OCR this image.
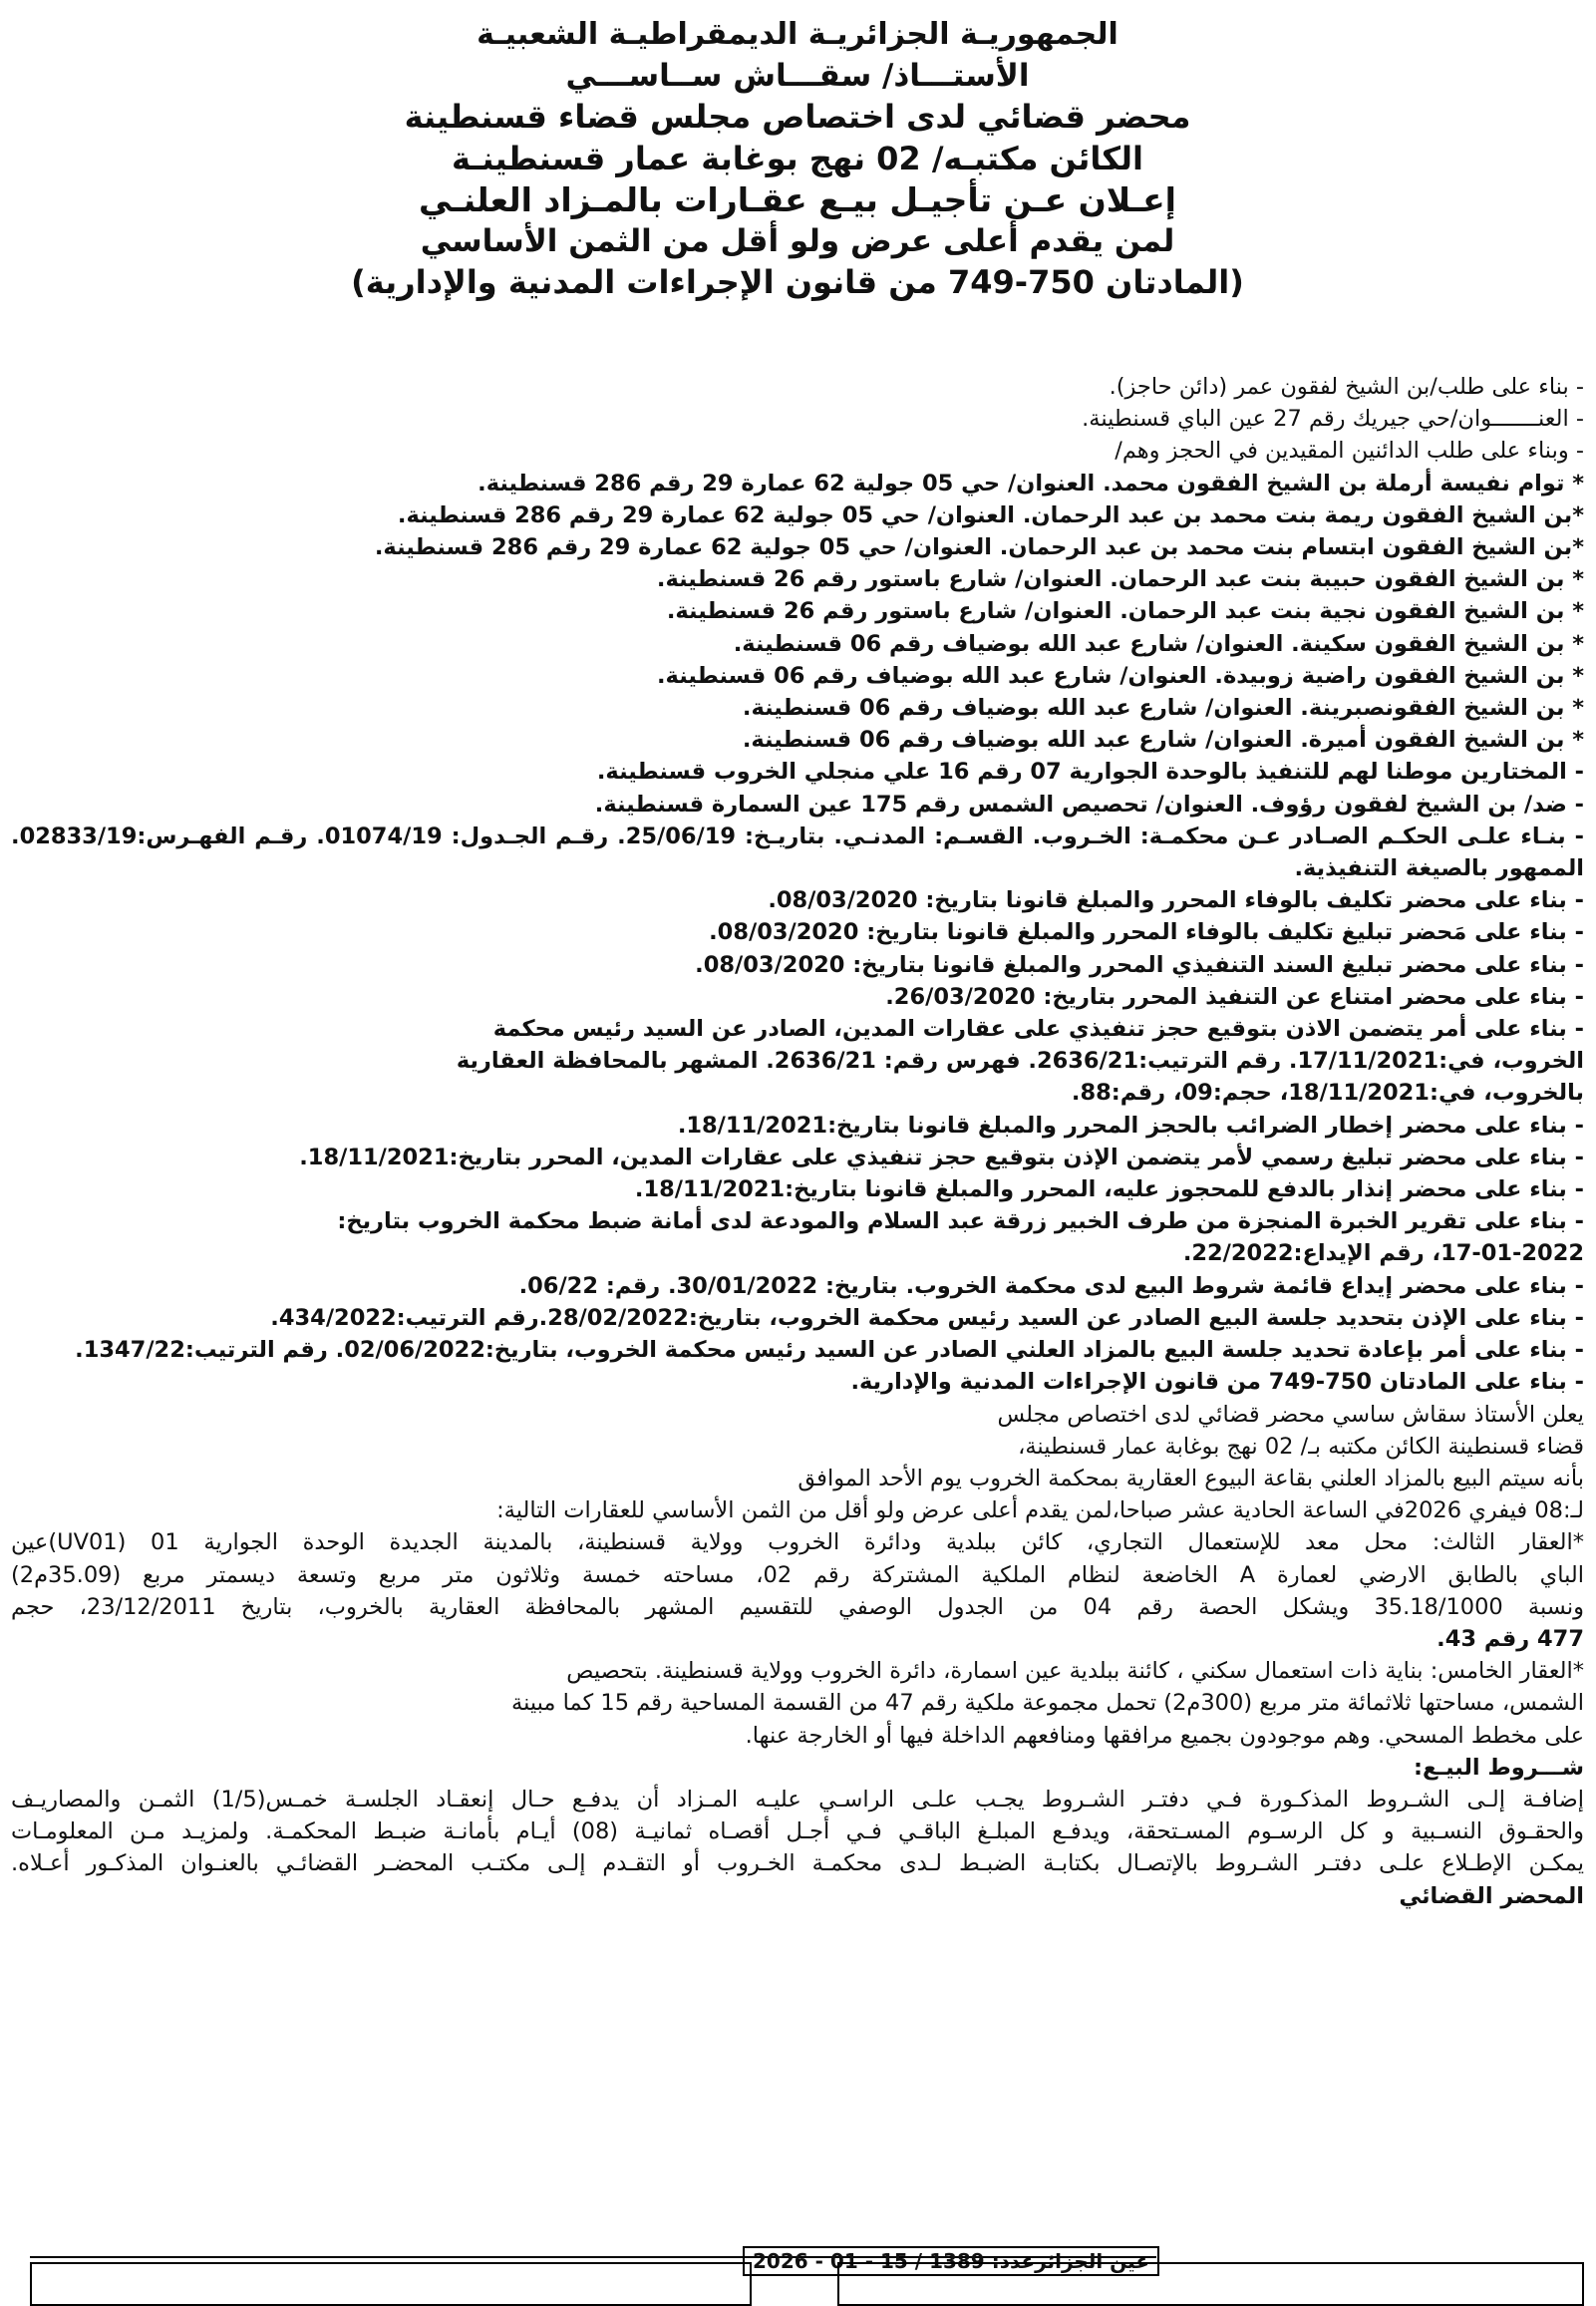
الجمهوريـة الجزائريـة الديمقراطيـة الشعبيـة
الأستـــاذ/ سقـــاش ســاســـي
محضر قضائي لدى اختصاص مجلس قضاء قسنطينة
الكائن مكتبـه/ 02 نهج بوغابة عمار قسنطينـة
إعـلان عـن تأجيـل بيـع عقـارات بالمـزاد العلنـي
لمن يقدم أعلى عرض ولو أقل من الثمن الأساسي
(المادتان 750-749 من قانون الإجراءات المدنية والإدارية)
- بناء على طلب/بن الشيخ لفقون عمر (دائن حاجز).
- العنـــــــوان/حي جيريك رقم 27 عين الباي قسنطينة.
- وبناء على طلب الدائنين المقيدين في الحجز وهم/
* توام نفيسة أرملة بن الشيخ الفقون محمد. العنوان/ حي 05 جولية 62 عمارة 29 رقم 286 قسنطينة.
*بن الشيخ الفقون ريمة بنت محمد بن عبد الرحمان. العنوان/ حي 05 جولية 62 عمارة 29 رقم 286 قسنطينة.
*بن الشيخ الفقون ابتسام بنت محمد بن عبد الرحمان. العنوان/ حي 05 جولية 62 عمارة 29 رقم 286 قسنطينة.
* بن الشيخ الفقون حبيبة بنت عبد الرحمان. العنوان/ شارع باستور رقم 26 قسنطينة.
* بن الشيخ الفقون نجية بنت عبد الرحمان. العنوان/ شارع باستور رقم 26 قسنطينة.
* بن الشيخ الفقون سكينة. العنوان/ شارع عبد الله بوضياف رقم 06 قسنطينة.
* بن الشيخ الفقون راضية زوبيدة. العنوان/ شارع عبد الله بوضياف رقم 06 قسنطينة.
* بن الشيخ الفقونصبرينة. العنوان/ شارع عبد الله بوضياف رقم 06 قسنطينة.
* بن الشيخ الفقون أميرة. العنوان/ شارع عبد الله بوضياف رقم 06 قسنطينة.
- المختارين موطنا لهم للتنفيذ بالوحدة الجوارية 07 رقم 16 علي منجلي الخروب قسنطينة.
- ضد/ بن الشيخ لفقون رؤوف. العنوان/ تحصيص الشمس رقم 175 عين السمارة قسنطينة.
- بنـاء علـى الحكـم الصـادر عـن محكمـة: الخـروب. القسـم: المدنـي. بتاريـخ: 25/06/19. رقـم الجـدول: 01074/19. رقـم الفهـرس:02833/19.
الممهور بالصيغة التنفيذية.
- بناء على محضر تكليف بالوفاء المحرر والمبلغ قانونا بتاريخ: 08/03/2020.
- بناء على مَحضر تبليغ تكليف بالوفاء المحرر والمبلغ قانونا بتاريخ: 08/03/2020.
- بناء على محضر تبليغ السند التنفيذي المحرر والمبلغ قانونا بتاريخ: 08/03/2020.
- بناء على محضر امتناع عن التنفيذ المحرر بتاريخ: 26/03/2020.
- بناء على أمر يتضمن الاذن بتوقيع حجز تنفيذي على عقارات المدين، الصادر عن السيد رئيس محكمة
الخروب، في:17/11/2021. رقم الترتيب:2636/21. فهرس رقم: 2636/21. المشهر بالمحافظة العقارية
بالخروب، في:18/11/2021، حجم:09، رقم:88.
- بناء على محضر إخطار الضرائب بالحجز المحرر والمبلغ قانونا بتاريخ:18/11/2021.
- بناء على محضر تبليغ رسمي لأمر يتضمن الإذن بتوقيع حجز تنفيذي على عقارات المدين، المحرر بتاريخ:18/11/2021.
- بناء على محضر إنذار بالدفع للمحجوز عليه، المحرر والمبلغ قانونا بتاريخ:18/11/2021.
- بناء على تقرير الخبرة المنجزة من طرف الخبير زرقة عبد السلام والمودعة لدى أمانة ضبط محكمة الخروب بتاريخ:
17-01-2022، رقم الإيداع:22/2022.
- بناء على محضر إيداع قائمة شروط البيع لدى محكمة الخروب. بتاريخ: 30/01/2022. رقم: 06/22.
- بناء على الإذن بتحديد جلسة البيع الصادر عن السيد رئيس محكمة الخروب، بتاريخ:28/02/2022.رقم الترتيب:434/2022.
- بناء على أمر بإعادة تحديد جلسة البيع بالمزاد العلني الصادر عن السيد رئيس محكمة الخروب، بتاريخ:02/06/2022. رقم الترتيب:1347/22.
- بناء على المادتان 750-749 من قانون الإجراءات المدنية والإدارية.
يعلن الأستاذ سقاش ساسي محضر قضائي لدى اختصاص مجلس
قضاء قسنطينة الكائن مكتبه بـ/ 02 نهج بوغابة عمار قسنطينة،
بأنه سيتم البيع بالمزاد العلني بقاعة البيوع العقارية بمحكمة الخروب يوم الأحد الموافق
لـ:08 فيفري 2026في الساعة الحادية عشر صباحا،لمن يقدم أعلى عرض ولو أقل من الثمن الأساسي للعقارات التالية:
*العقار الثالث: محل معد للإستعمال التجاري، كائن ببلدية ودائرة الخروب وولاية قسنطينة، بالمدينة الجديدة الوحدة الجوارية 01 (UV01)عين
الباي بالطابق الارضي لعمارة A الخاضعة لنظام الملكية المشتركة رقم 02، مساحته خمسة وثلاثون متر مربع وتسعة ديسمتر مربع (35.09م2)
ونسبة 35.18/1000 ويشكل الحصة رقم 04 من الجدول الوصفي للتقسيم المشهر بالمحافظة العقارية بالخروب، بتاريخ 23/12/2011، حجم
477 رقم 43.
*العقار الخامس: بناية ذات استعمال سكني ، كائنة ببلدية عين اسمارة، دائرة الخروب وولاية قسنطينة. بتحصيص
الشمس، مساحتها ثلاثمائة متر مربع (300م2) تحمل مجموعة ملكية رقم 47 من القسمة المساحية رقم 15 كما مبينة
على مخطط المسحي. وهم موجودون بجميع مرافقها ومنافعهم الداخلة فيها أو الخارجة عنها.
شـــروط البيـع:
إضافـة إلـى الشـروط المذكـورة فـي دفتـر الشـروط يجـب علـى الراسـي عليـه المـزاد أن يدفـع حـال إنعقـاد الجلسـة خمـس(1/5) الثمـن والمصاريـف
والحقـوق النسـبية و كل الرسـوم المسـتحقة، ويدفـع المبلـغ الباقـي فـي أجـل أقصـاه ثمانيـة (08) أيـام بأمانـة ضبـط المحكمـة. ولمزيـد مـن المعلومـات
يمكـن الإطـلاع علـى دفتـر الشـروط بالإتصـال بكتابـة الضبـط لـدى محكمـة الخـروب أو التقـدم إلـى مكتـب المحضـر القضائـي بالعنـوان المذكـور أعـلاه.
المحضر القضائي
عين الجزائرعدد: 1389 / 15 - 01 - 2026
